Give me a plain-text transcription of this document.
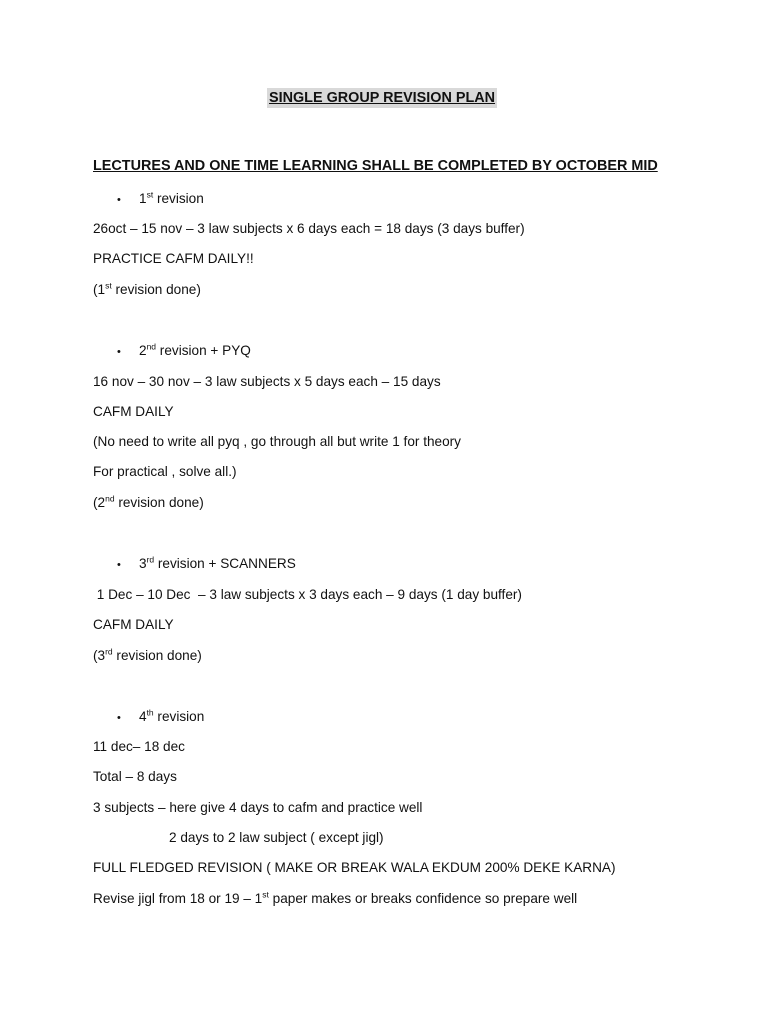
SINGLE GROUP REVISION PLAN
LECTURES AND ONE TIME LEARNING SHALL BE COMPLETED BY OCTOBER MID
• 1st revision
26oct – 15 nov – 3 law subjects x 6 days each = 18 days (3 days buffer)
PRACTICE CAFM DAILY!!
(1st revision done)
• 2nd revision + PYQ
16 nov – 30 nov – 3 law subjects x 5 days each – 15 days
CAFM DAILY
(No need to write all pyq , go through all but write 1 for theory
For practical , solve all.)
(2nd revision done)
• 3rd revision + SCANNERS
1 Dec – 10 Dec  – 3 law subjects x 3 days each – 9 days (1 day buffer)
CAFM DAILY
(3rd revision done)
• 4th revision
11 dec– 18 dec
Total – 8 days
3 subjects – here give 4 days to cafm and practice well
2 days to 2 law subject ( except jigl)
FULL FLEDGED REVISION ( MAKE OR BREAK WALA EKDUM 200% DEKE KARNA)
Revise jigl from 18 or 19 – 1st paper makes or breaks confidence so prepare well
